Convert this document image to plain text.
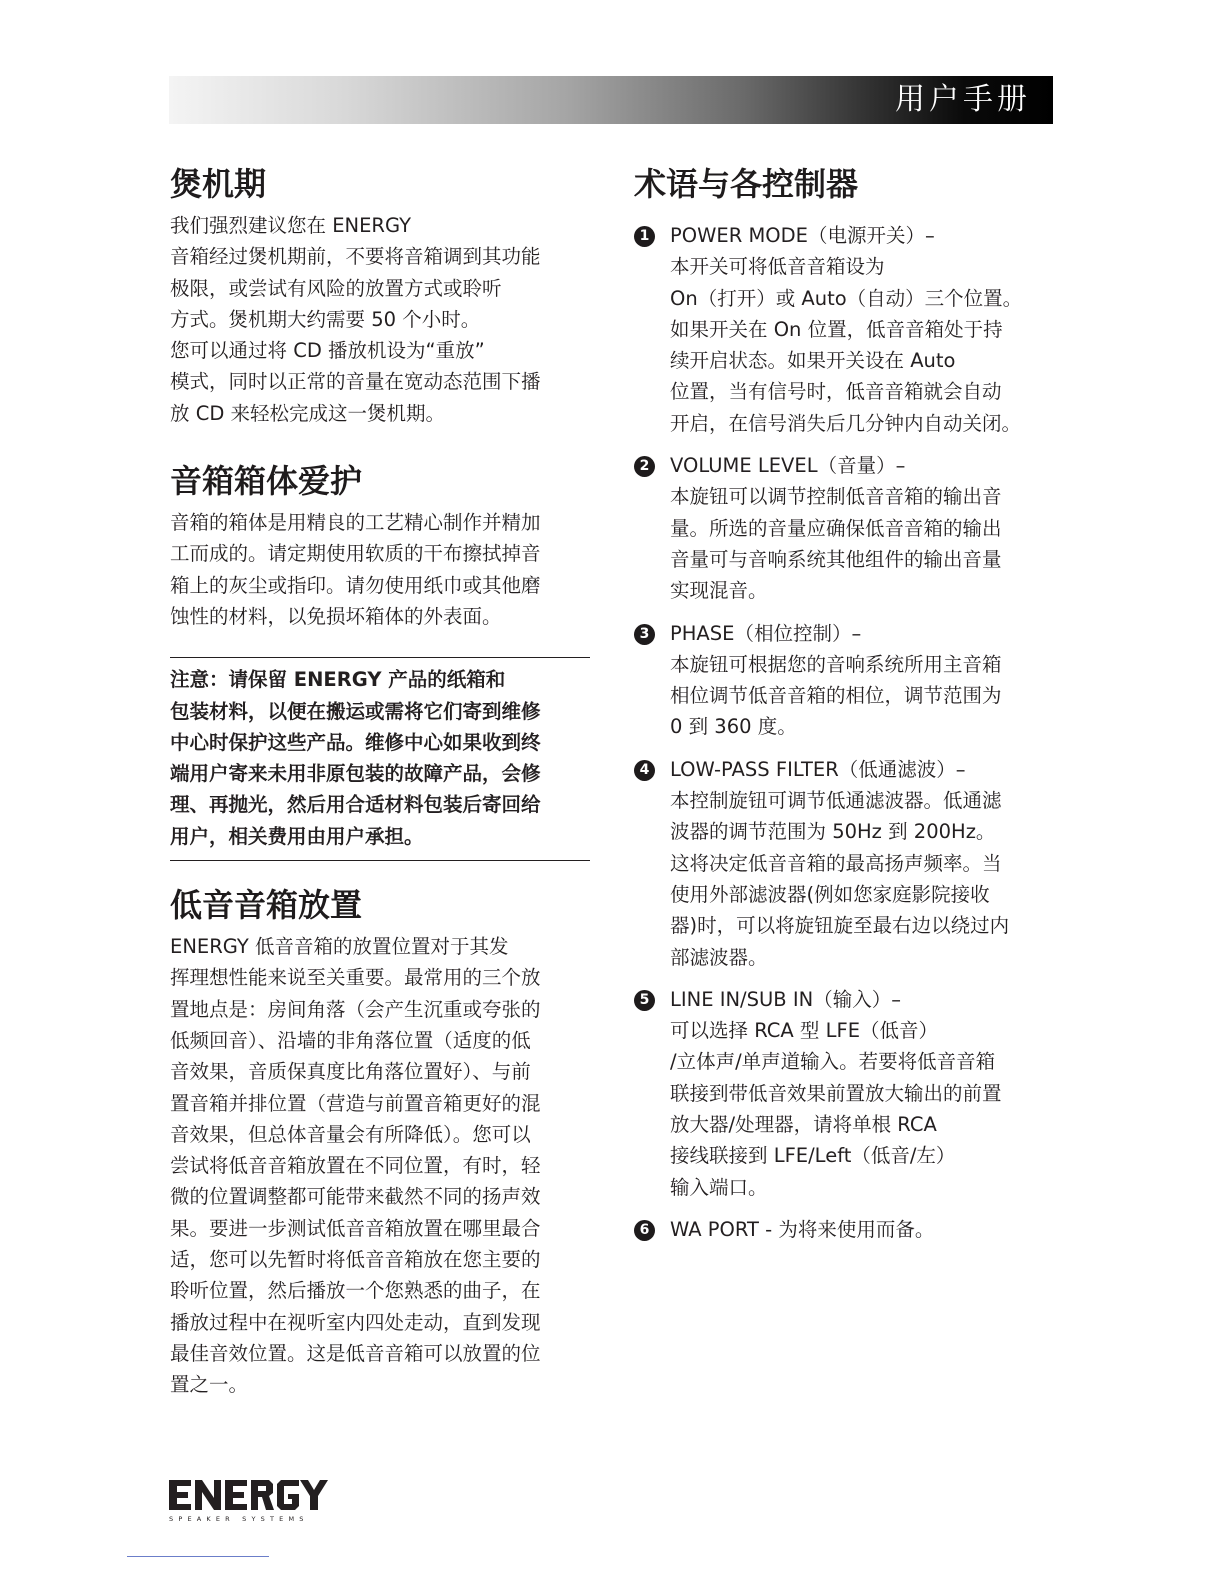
用户手册
煲机期
我们强烈建议您在 ENERGY
音箱经过煲机期前，不要将音箱调到其功能
极限，或尝试有风险的放置方式或聆听
方式。煲机期大约需要 50 个小时。
您可以通过将 CD 播放机设为“重放”
模式，同时以正常的音量在宽动态范围下播
放 CD 来轻松完成这一煲机期。
音箱箱体爱护
音箱的箱体是用精良的工艺精心制作并精加
工而成的。请定期使用软质的干布擦拭掉音
箱上的灰尘或指印。请勿使用纸巾或其他磨
蚀性的材料，以免损坏箱体的外表面。
注意：请保留 ENERGY 产品的纸箱和
包装材料，以便在搬运或需将它们寄到维修
中心时保护这些产品。维修中心如果收到终
端用户寄来未用非原包装的故障产品，会修
理、再抛光，然后用合适材料包装后寄回给
用户，相关费用由用户承担。
低音音箱放置
ENERGY 低音音箱的放置位置对于其发
挥理想性能来说至关重要。最常用的三个放
置地点是：房间角落（会产生沉重或夸张的
低频回音）、沿墙的非角落位置（适度的低
音效果，音质保真度比角落位置好）、与前
置音箱并排位置（营造与前置音箱更好的混
音效果，但总体音量会有所降低）。您可以
尝试将低音音箱放置在不同位置，有时，轻
微的位置调整都可能带来截然不同的扬声效
果。要进一步测试低音音箱放置在哪里最合
适，您可以先暂时将低音音箱放在您主要的
聆听位置，然后播放一个您熟悉的曲子，在
播放过程中在视听室内四处走动，直到发现
最佳音效位置。这是低音音箱可以放置的位
置之一。
术语与各控制器
1 POWER MODE（电源开关）–
本开关可将低音音箱设为
On（打开）或 Auto（自动）三个位置。
如果开关在 On 位置，低音音箱处于持
续开启状态。如果开关设在 Auto
位置，当有信号时，低音音箱就会自动
开启，在信号消失后几分钟内自动关闭。
2 VOLUME LEVEL（音量）–
本旋钮可以调节控制低音音箱的输出音
量。所选的音量应确保低音音箱的输出
音量可与音响系统其他组件的输出音量
实现混音。
3 PHASE（相位控制）–
本旋钮可根据您的音响系统所用主音箱
相位调节低音音箱的相位，调节范围为
0 到 360 度。
4 LOW-PASS FILTER（低通滤波）–
本控制旋钮可调节低通滤波器。低通滤
波器的调节范围为 50Hz 到 200Hz。
这将决定低音音箱的最高扬声频率。当
使用外部滤波器(例如您家庭影院接收
器)时，可以将旋钮旋至最右边以绕过内
部滤波器。
5 LINE IN/SUB IN（输入）–
可以选择 RCA 型 LFE（低音）
/立体声/单声道输入。若要将低音音箱
联接到带低音效果前置放大输出的前置
放大器/处理器，请将单根 RCA
接线联接到 LFE/Left（低音/左）
输入端口。
6 WA PORT - 为将来使用而备。
SPEAKER SYSTEMS
